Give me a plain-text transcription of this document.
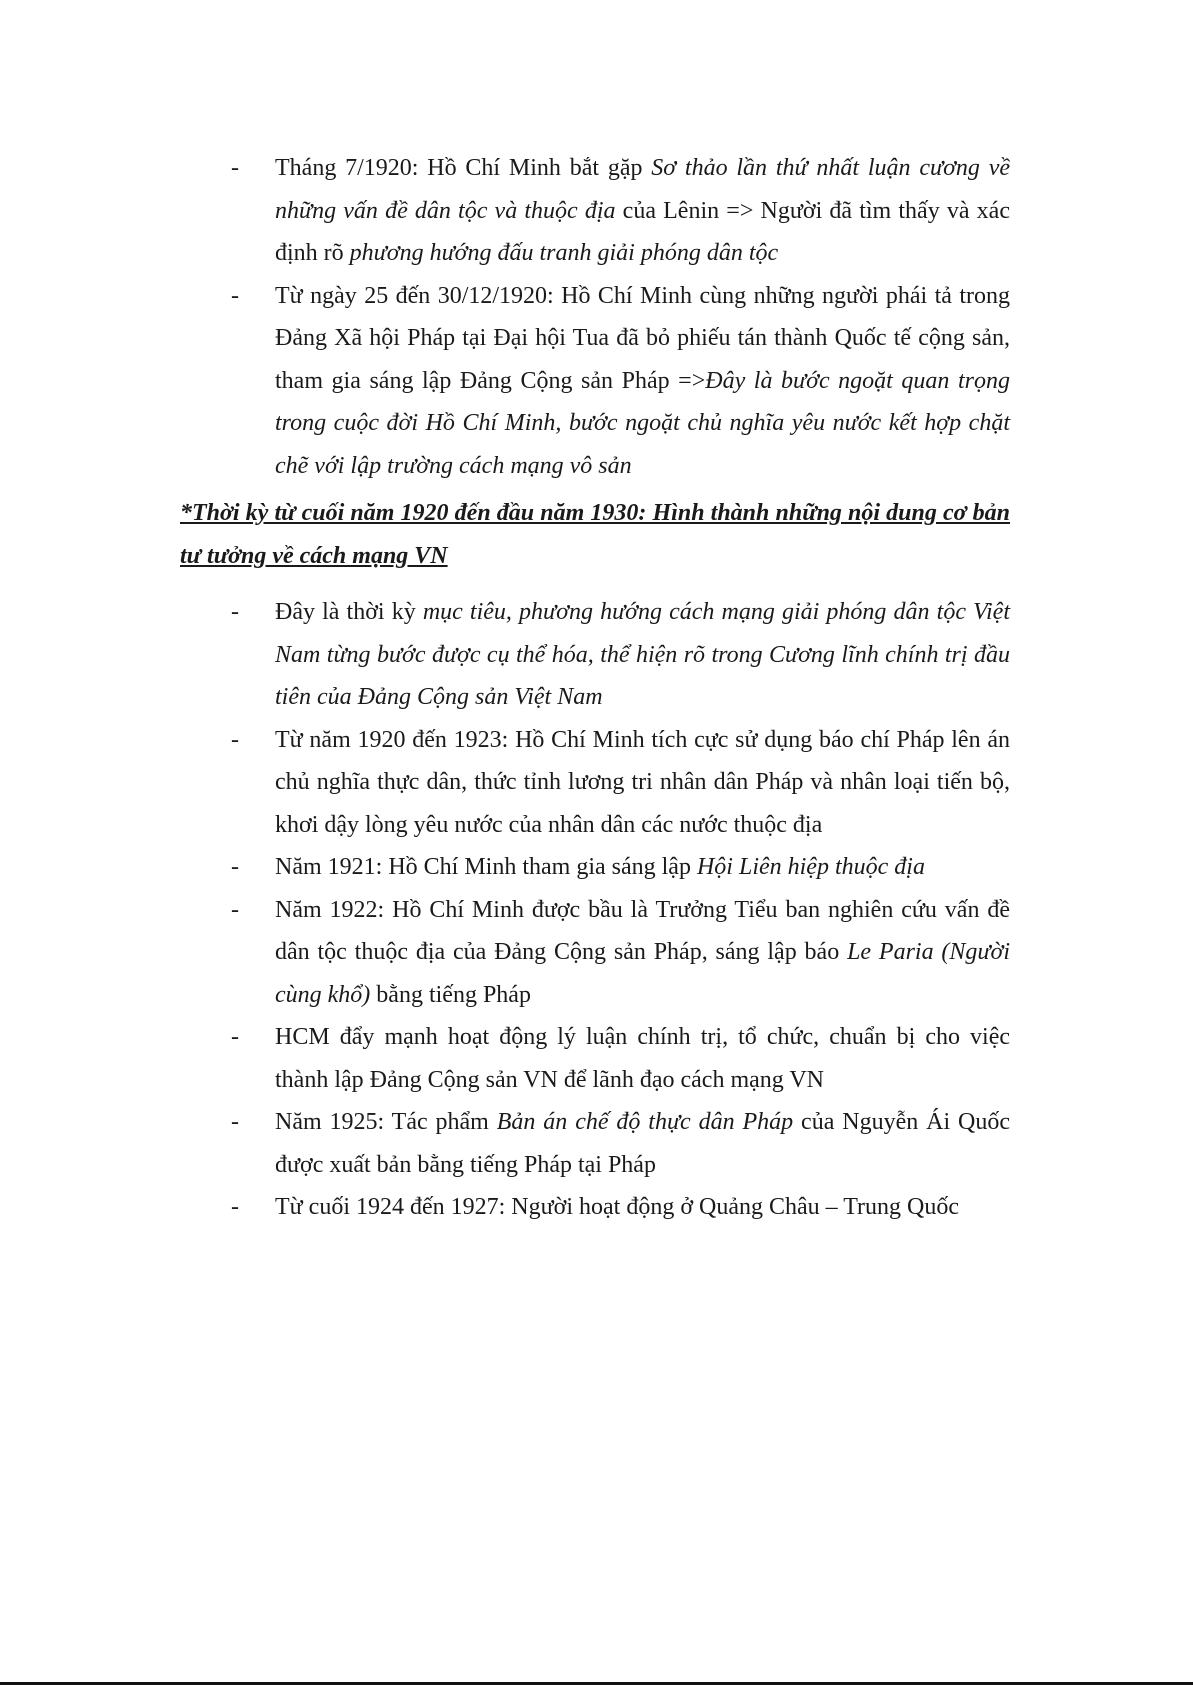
- Tháng 7/1920: Hồ Chí Minh bắt gặp Sơ thảo lần thứ nhất luận cương về những vấn đề dân tộc và thuộc địa của Lênin => Người đã tìm thấy và xác định rõ phương hướng đấu tranh giải phóng dân tộc
- Từ ngày 25 đến 30/12/1920: Hồ Chí Minh cùng những người phái tả trong Đảng Xã hội Pháp tại Đại hội Tua đã bỏ phiếu tán thành Quốc tế cộng sản, tham gia sáng lập Đảng Cộng sản Pháp =>Đây là bước ngoặt quan trọng trong cuộc đời Hồ Chí Minh, bước ngoặt chủ nghĩa yêu nước kết hợp chặt chẽ với lập trường cách mạng vô sản
*Thời kỳ từ cuối năm 1920 đến đầu năm 1930: Hình thành những nội dung cơ bản tư tưởng về cách mạng VN
- Đây là thời kỳ mục tiêu, phương hướng cách mạng giải phóng dân tộc Việt Nam từng bước được cụ thể hóa, thể hiện rõ trong Cương lĩnh chính trị đầu tiên của Đảng Cộng sản Việt Nam
- Từ năm 1920 đến 1923: Hồ Chí Minh tích cực sử dụng báo chí Pháp lên án chủ nghĩa thực dân, thức tỉnh lương tri nhân dân Pháp và nhân loại tiến bộ, khơi dậy lòng yêu nước của nhân dân các nước thuộc địa
- Năm 1921: Hồ Chí Minh tham gia sáng lập Hội Liên hiệp thuộc địa
- Năm 1922: Hồ Chí Minh được bầu là Trưởng Tiểu ban nghiên cứu vấn đề dân tộc thuộc địa của Đảng Cộng sản Pháp, sáng lập báo Le Paria (Người cùng khổ) bằng tiếng Pháp
- HCM đẩy mạnh hoạt động lý luận chính trị, tổ chức, chuẩn bị cho việc thành lập Đảng Cộng sản VN để lãnh đạo cách mạng VN
- Năm 1925: Tác phẩm Bản án chế độ thực dân Pháp của Nguyễn Ái Quốc được xuất bản bằng tiếng Pháp tại Pháp
- Từ cuối 1924 đến 1927: Người hoạt động ở Quảng Châu – Trung Quốc
